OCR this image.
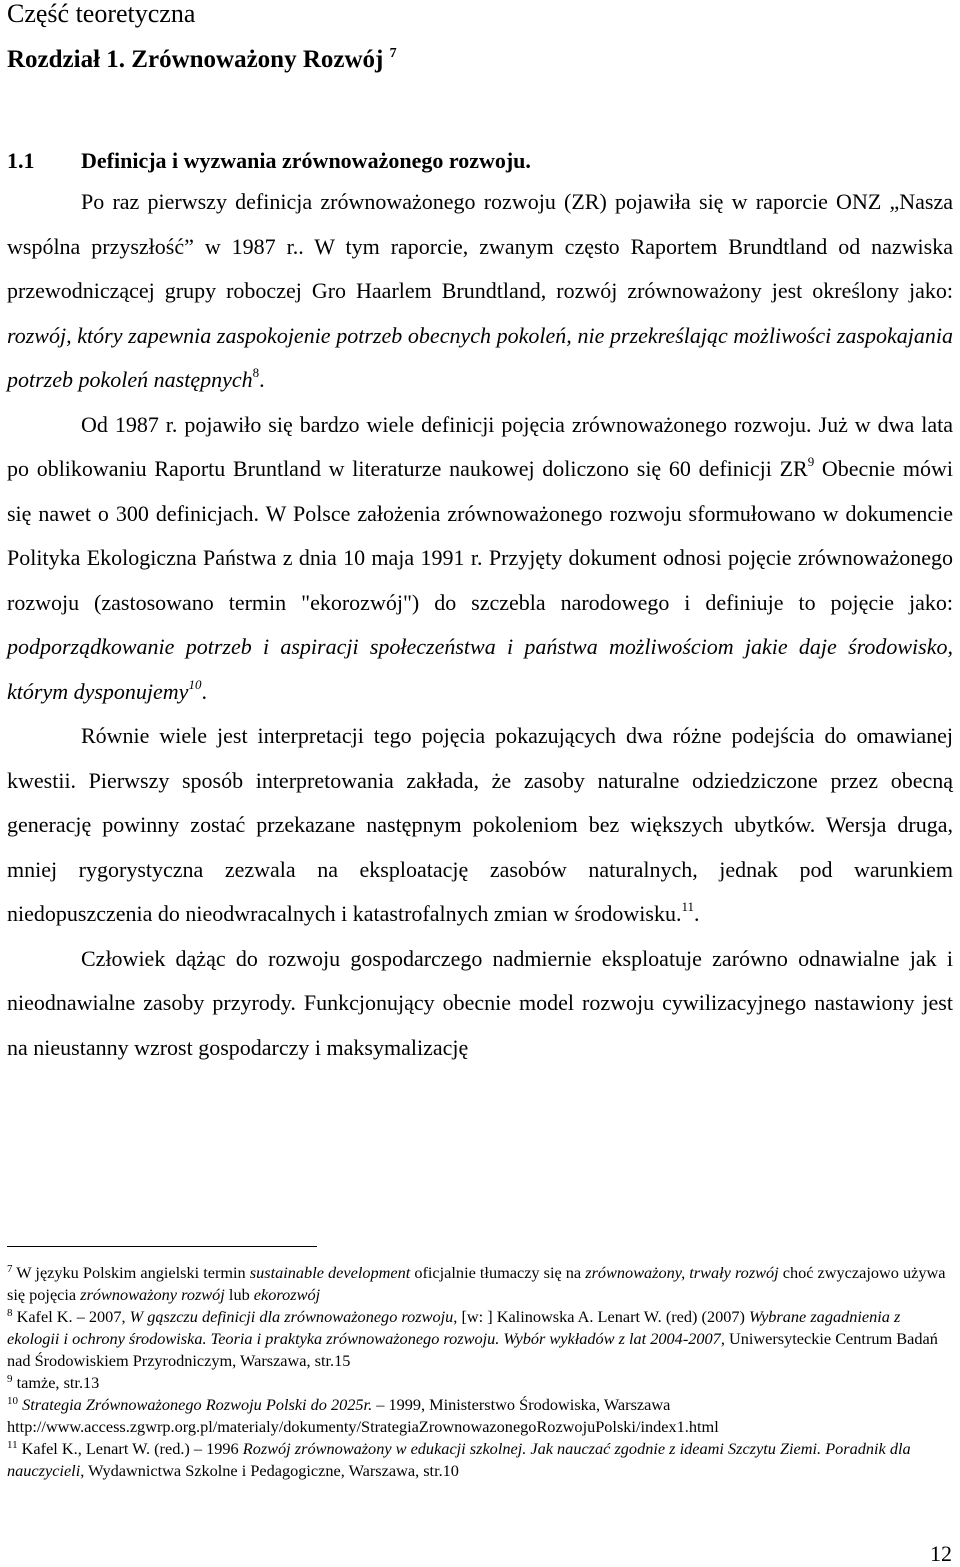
Część teoretyczna
Rozdział 1. Zrównoważony Rozwój $^7$
1.1 Definicja i wyzwania zrównoważonego rozwoju.

Po raz pierwszy definicja zrównoważonego rozwoju (ZR) pojawiła się w raporcie ONZ „Nasza wspólna przyszłość” w 1987 r.. W tym raporcie, zwanym często Raportem Brundtland od nazwiska przewodniczącej grupy roboczej Gro Haarlem Brundtland, rozwój zrównoważony jest określony jako: rozwój, który zapewnia zaspokojenie potrzeb obecnych pokoleń, nie przekreślając możliwości zaspokajania potrzeb pokoleń następnych$^8$.

Od 1987 r. pojawiło się bardzo wiele definicji pojęcia zrównoważonego rozwoju. Już w dwa lata po oblikowaniu Raportu Bruntland w literaturze naukowej doliczono się 60 definicji $ZR^9$ Obecnie mówi się nawet o 300 definicjach. W Polsce założenia zrównoważonego rozwoju sformułowano w dokumencie Polityka Ekologiczna Państwa z dnia 10 maja 1991 r. Przyjęty dokument odnosi pojęcie zrównoważonego rozwoju (zastosowano termin "ekorozwój") do szczebla narodowego i definiuje to pojęcie jako: podporządkowanie potrzeb i aspiracji społeczeństwa i państwa możliwościom jakie daje środowisko, którym dysponujemy$^{10}$.

Równie wiele jest interpretacji tego pojęcia pokazujących dwa różne podejścia do omawianej kwestii. Pierwszy sposób interpretowania zakłada, że zasoby naturalne odziedziczone przez obecną generację powinny zostać przekazane następnym pokoleniom bez większych ubytków. Wersja druga, mniej rygorystyczna zezwala na eksploatację zasobów naturalnych, jednak pod warunkiem niedopuszczenia do nieodwracalnych i katastrofalnych zmian w środowisku.$^{11}$.

Człowiek dążąc do rozwoju gospodarczego nadmiernie eksploatuje zarówno odnawialne jak i nieodnawialne zasoby przyrody. Funkcjonujący obecnie model rozwoju cywilizacyjnego nastawiony jest na nieustanny wzrost gospodarczy i maksymalizację

$^7$ W języku Polskim angielski termin sustainable development oficjalnie tłumaczy się na zrównoważony, trwały rozwój choć zwyczajowo używa się pojęcia zrównoważony rozwój lub ekorozwój

$^8$ Kafel K. – 2007, W gąszczu definicji dla zrównoważonego rozwoju, [w: ] Kalinowska A. Lenart W. (red) (2007) Wybrane zagadnienia z ekologii i ochrony środowiska. Teoria i praktyka zrównoważonego rozwoju. Wybór wykładów z lat 2004-2007, Uniwersyteckie Centrum Badań nad Środowiskiem Przyrodniczym, Warszawa, str.15

$^9$ tamże, str.13

$^{10}$ Strategia Zrównoważonego Rozwoju Polski do 2025r. – 1999, Ministerstwo Środowiska, Warszawa http://www.access.zgwrp.org.pl/materialy/dokumenty/StrategiaZrownowazonegoRozwojuPolski/index1.html

$^{11}$ Kafel K., Lenart W. (red.) – 1996 Rozwój zrównoważony w edukacji szkolnej. Jak nauczać zgodnie z ideami Szczytu Ziemi. Poradnik dla nauczycieli, Wydawnictwa Szkolne i Pedagogiczne, Warszawa, str.10

12
